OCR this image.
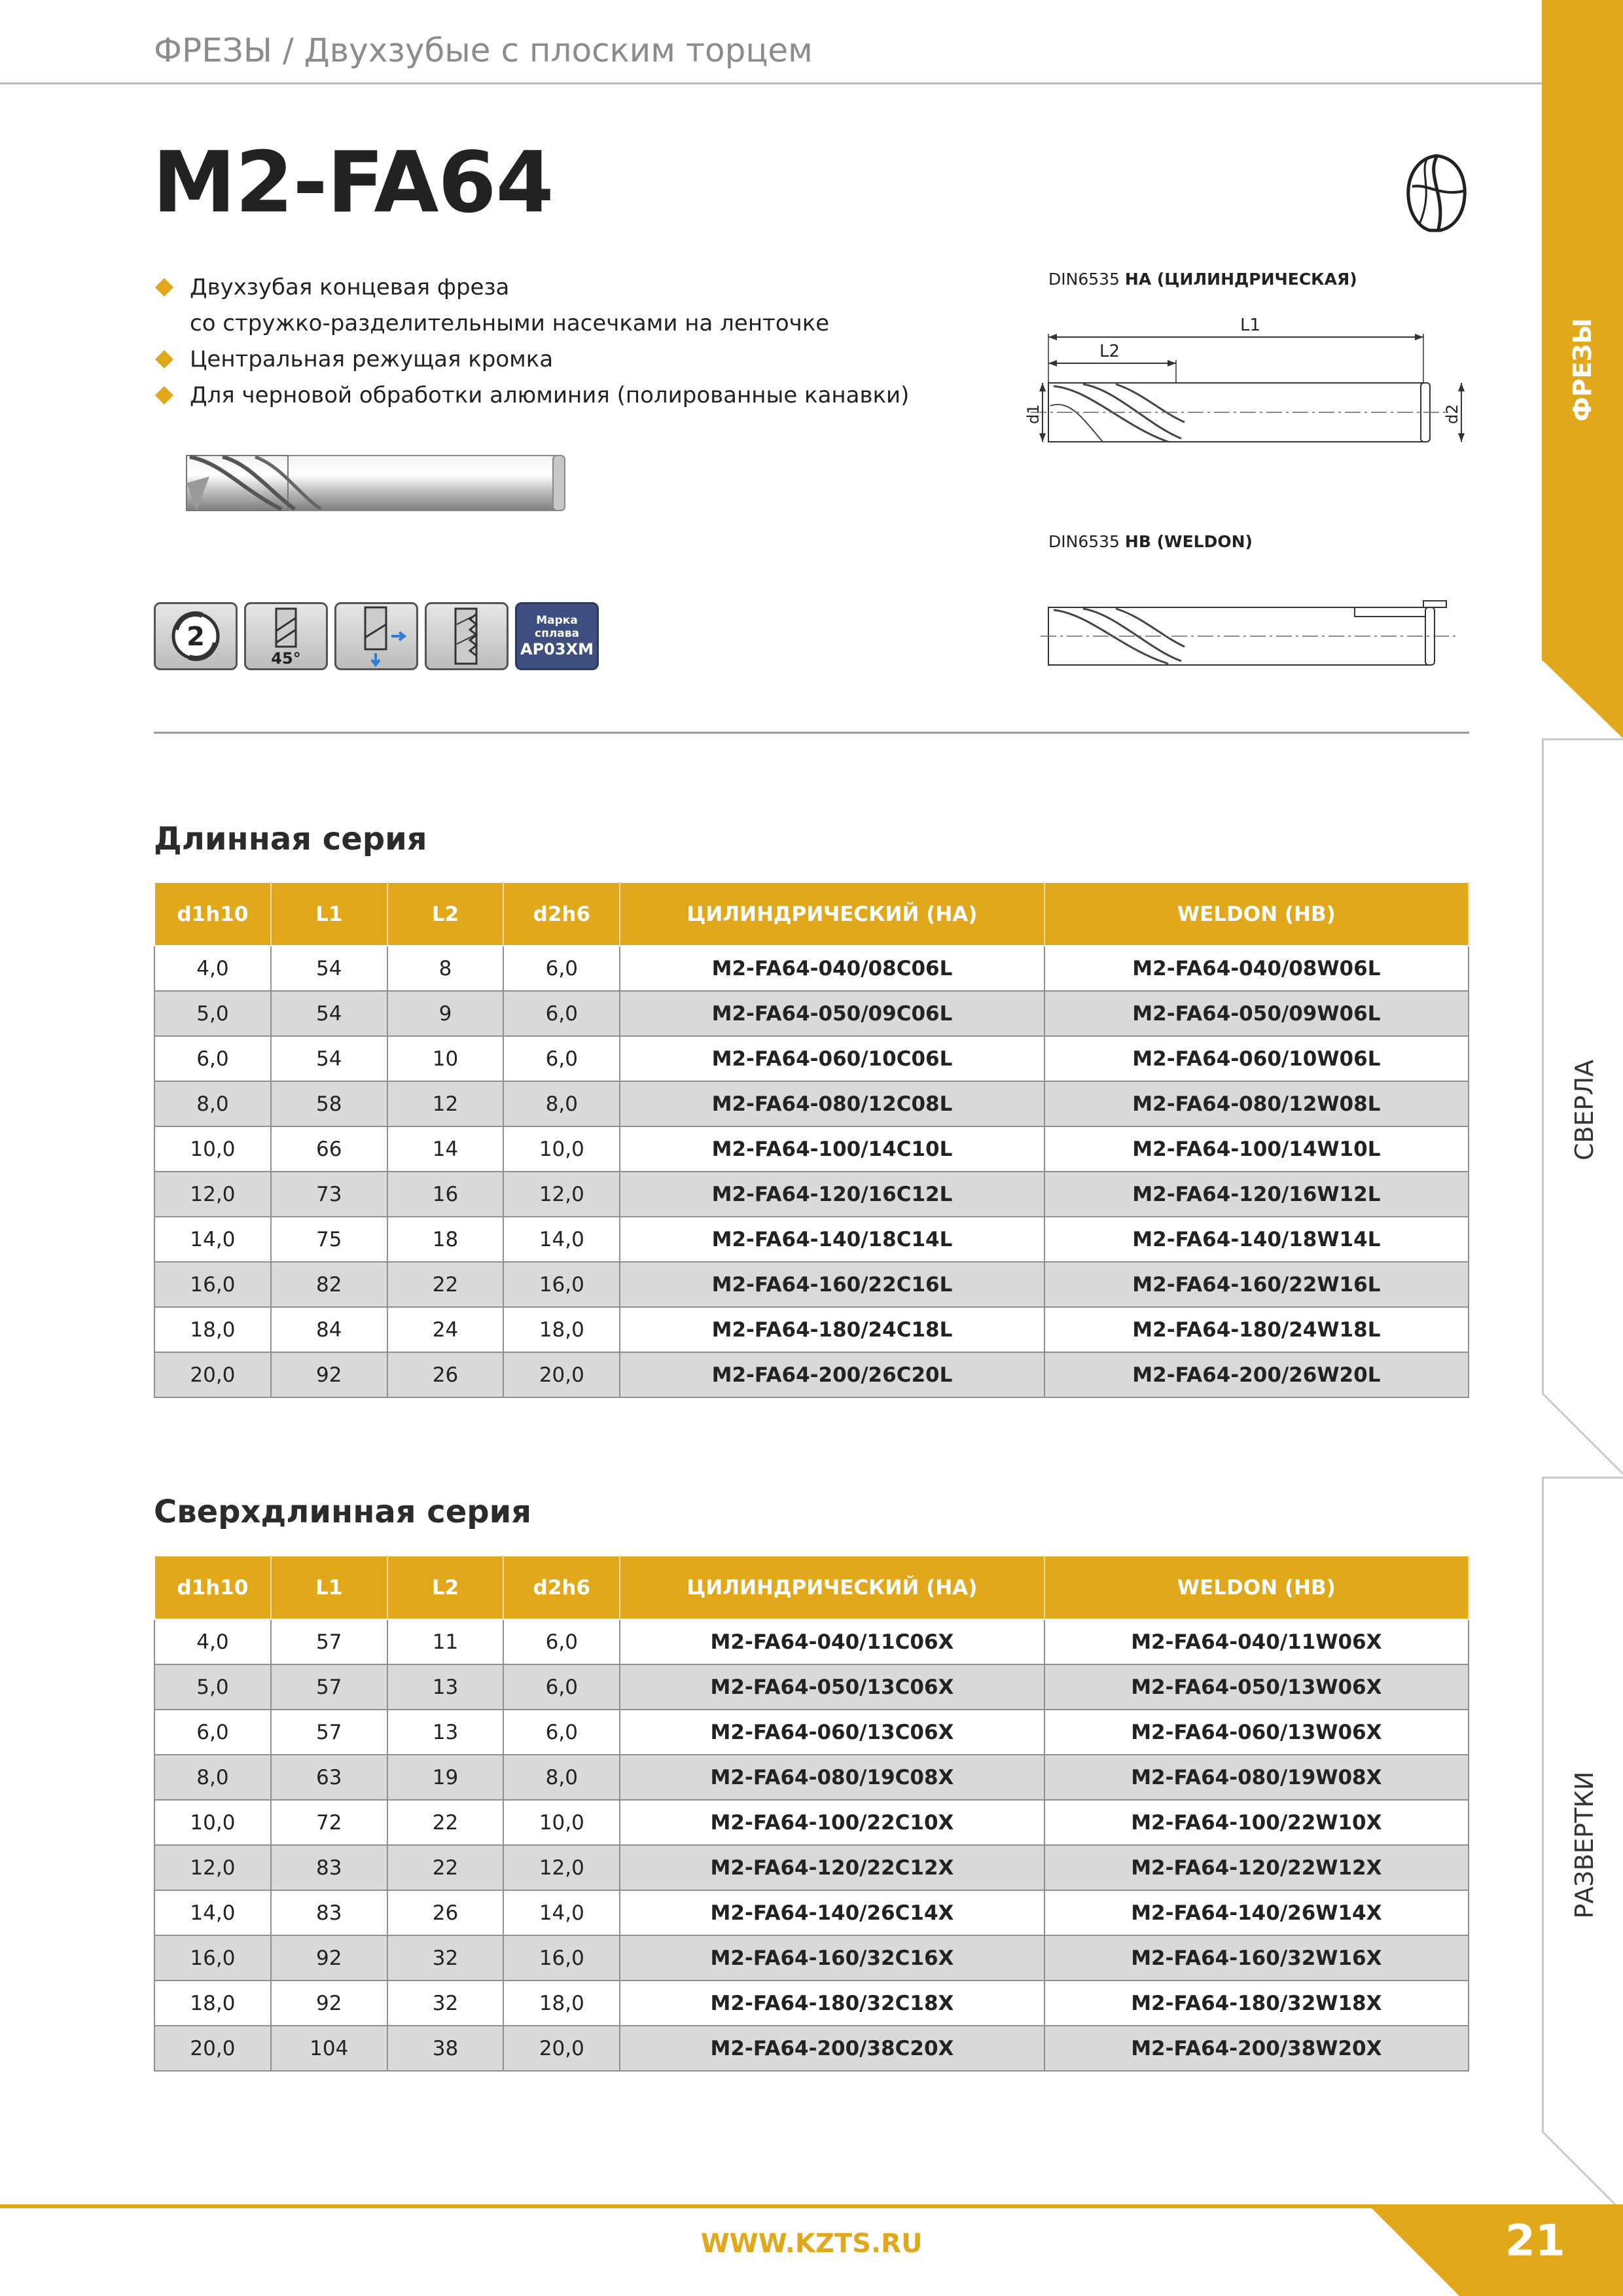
ФРЕЗЫ / Двухзубые с плоским торцем
M2-FA64
Двухзубая концевая фреза
со стружко-разделительными насечками на ленточке
Центральная режущая кромка
Для черновой обработки алюминия (полированные канавки)
2
45°
Марка
сплава
AP03XM
DIN6535 HA (ЦИЛИНДРИЧЕСКАЯ)
L1
L2
d1	d2
DIN6535 HB (WELDON)
Длинная серия
d1h10	L1	L2	d2h6	ЦИЛИНДРИЧЕСКИЙ (HA)	WELDON (HB)
4,0	54	8	6,0	M2-FA64-040/08C06L	M2-FA64-040/08W06L
5,0	54	9	6,0	M2-FA64-050/09C06L	M2-FA64-050/09W06L
6,0	54	10	6,0	M2-FA64-060/10C06L	M2-FA64-060/10W06L
8,0	58	12	8,0	M2-FA64-080/12C08L	M2-FA64-080/12W08L
10,0	66	14	10,0	M2-FA64-100/14C10L	M2-FA64-100/14W10L
12,0	73	16	12,0	M2-FA64-120/16C12L	M2-FA64-120/16W12L
14,0	75	18	14,0	M2-FA64-140/18C14L	M2-FA64-140/18W14L
16,0	82	22	16,0	M2-FA64-160/22C16L	M2-FA64-160/22W16L
18,0	84	24	18,0	M2-FA64-180/24C18L	M2-FA64-180/24W18L
20,0	92	26	20,0	M2-FA64-200/26C20L	M2-FA64-200/26W20L
Сверхдлинная серия
d1h10	L1	L2	d2h6	ЦИЛИНДРИЧЕСКИЙ (HA)	WELDON (HB)
4,0	57	11	6,0	M2-FA64-040/11C06X	M2-FA64-040/11W06X
5,0	57	13	6,0	M2-FA64-050/13C06X	M2-FA64-050/13W06X
6,0	57	13	6,0	M2-FA64-060/13C06X	M2-FA64-060/13W06X
8,0	63	19	8,0	M2-FA64-080/19C08X	M2-FA64-080/19W08X
10,0	72	22	10,0	M2-FA64-100/22C10X	M2-FA64-100/22W10X
12,0	83	22	12,0	M2-FA64-120/22C12X	M2-FA64-120/22W12X
14,0	83	26	14,0	M2-FA64-140/26C14X	M2-FA64-140/26W14X
16,0	92	32	16,0	M2-FA64-160/32C16X	M2-FA64-160/32W16X
18,0	92	32	18,0	M2-FA64-180/32C18X	M2-FA64-180/32W18X
20,0	104	38	20,0	M2-FA64-200/38C20X	M2-FA64-200/38W20X
ФРЕЗЫ
СВЕРЛА
РАЗВЕРТКИ
WWW.KZTS.RU	21
